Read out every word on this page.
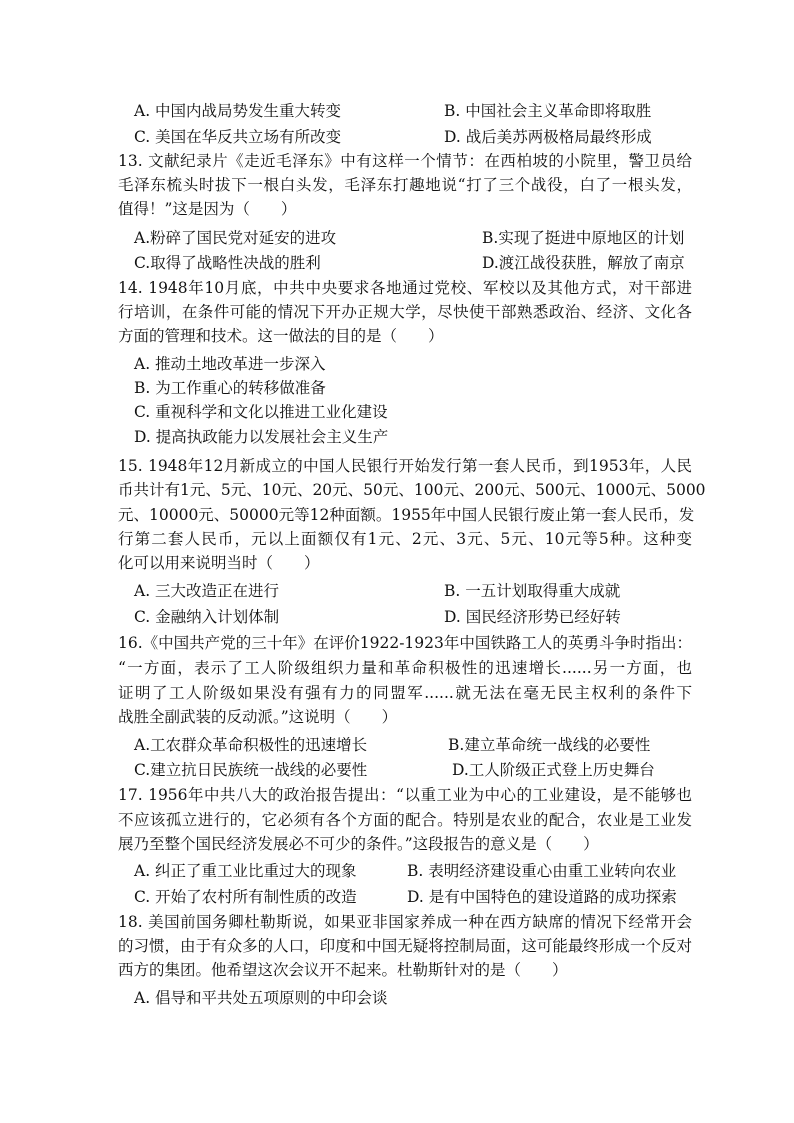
A. 中国内战局势发生重大转变	B. 中国社会主义革命即将取胜
C. 美国在华反共立场有所改变	D. 战后美苏两极格局最终形成
13. 文献纪录片《走近毛泽东》中有这样一个情节：在西柏坡的小院里，警卫员给
毛泽东梳头时拔下一根白头发，毛泽东打趣地说“打了三个战役，白了一根头发，
值得！”这是因为（　　）
A.粉碎了国民党对延安的进攻	B.实现了挺进中原地区的计划
C.取得了战略性决战的胜利	D.渡江战役获胜，解放了南京
14. 1948年10月底，中共中央要求各地通过党校、军校以及其他方式，对干部进
行培训，在条件可能的情况下开办正规大学，尽快使干部熟悉政治、经济、文化各
方面的管理和技术。这一做法的目的是（　　）
A. 推动土地改革进一步深入
B. 为工作重心的转移做准备
C. 重视科学和文化以推进工业化建设
D. 提高执政能力以发展社会主义生产
15. 1948年12月新成立的中国人民银行开始发行第一套人民币，到1953年，人民
币共计有1元、5元、10元、20元、50元、100元、200元、500元、1000元、5000
元、10000元、50000元等12种面额。1955年中国人民银行废止第一套人民币，发
行第二套人民币，元以上面额仅有1元、2元、3元、5元、10元等5种。这种变
化可以用来说明当时（　　）
A. 三大改造正在进行	B. 一五计划取得重大成就
C. 金融纳入计划体制	D. 国民经济形势已经好转
16.《中国共产党的三十年》在评价1922-1923年中国铁路工人的英勇斗争时指出：
“一方面，表示了工人阶级组织力量和革命积极性的迅速增长......另一方面，也
证明了工人阶级如果没有强有力的同盟军......就无法在毫无民主权利的条件下
战胜全副武装的反动派。”这说明（　　）
A.工农群众革命积极性的迅速增长	B.建立革命统一战线的必要性
C.建立抗日民族统一战线的必要性	D.工人阶级正式登上历史舞台
17. 1956年中共八大的政治报告提出：“以重工业为中心的工业建设，是不能够也
不应该孤立进行的，它必须有各个方面的配合。特别是农业的配合，农业是工业发
展乃至整个国民经济发展必不可少的条件。”这段报告的意义是（　　）
A. 纠正了重工业比重过大的现象	B. 表明经济建设重心由重工业转向农业
C. 开始了农村所有制性质的改造	D. 是有中国特色的建设道路的成功探索
18. 美国前国务卿杜勒斯说，如果亚非国家养成一种在西方缺席的情况下经常开会
的习惯，由于有众多的人口，印度和中国无疑将控制局面，这可能最终形成一个反对
西方的集团。他希望这次会议开不起来。杜勒斯针对的是（　　）
A. 倡导和平共处五项原则的中印会谈
